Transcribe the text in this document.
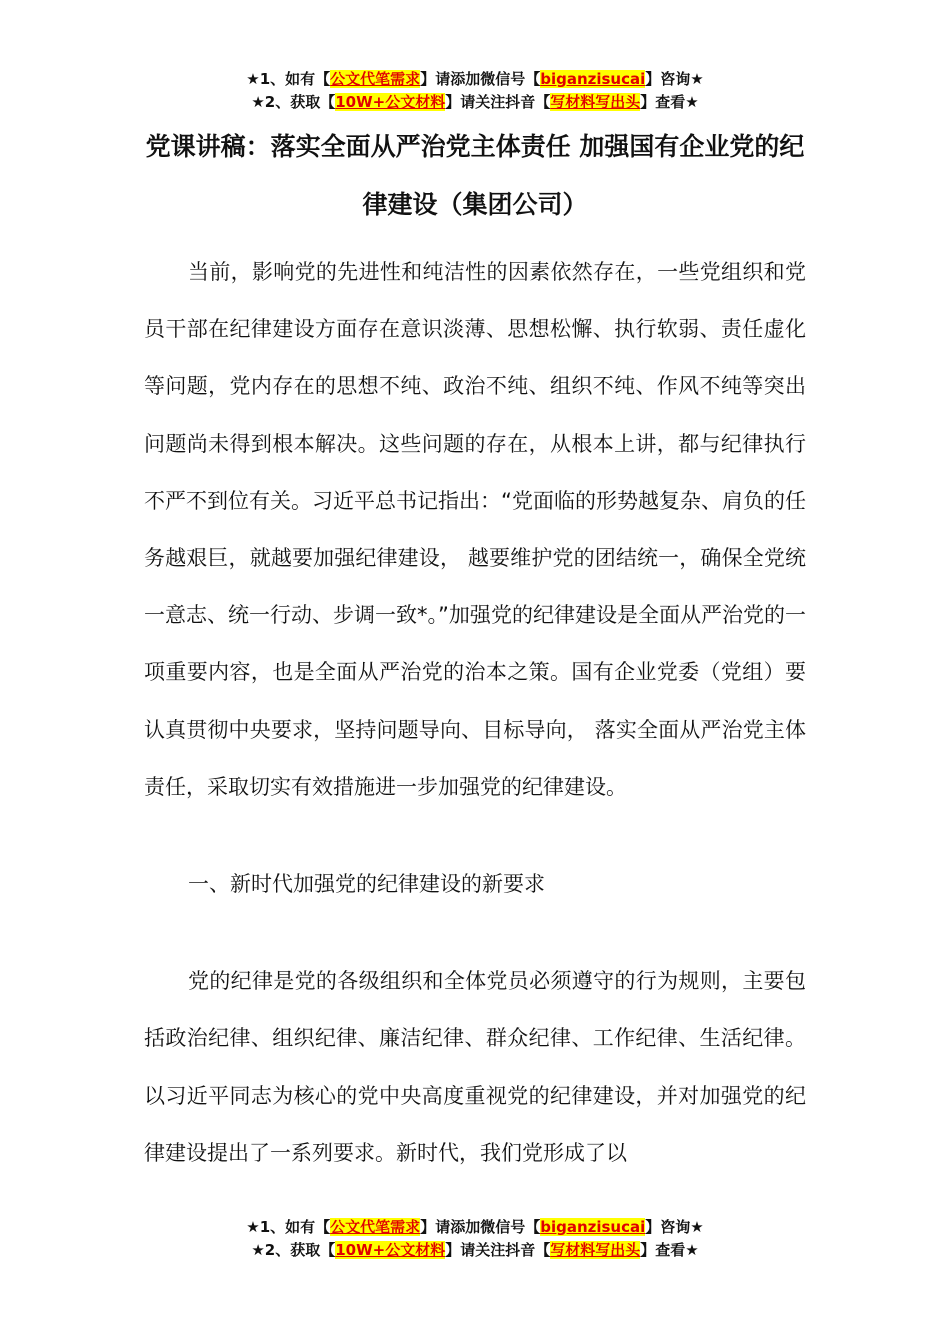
★1、如有【公文代笔需求】请添加微信号【biganzisucai】咨询★
★2、获取【10W+公文材料】请关注抖音【写材料写出头】查看★
党课讲稿：落实全面从严治党主体责任 加强国有企业党的纪律建设（集团公司）

当前，影响党的先进性和纯洁性的因素依然存在，一些党组织和党员干部在纪律建设方面存在意识淡薄、思想松懈、执行软弱、责任虚化等问题，党内存在的思想不纯、政治不纯、组织不纯、作风不纯等突出问题尚未得到根本解决。这些问题的存在，从根本上讲，都与纪律执行不严不到位有关。习近平总书记指出：“党面临的形势越复杂、肩负的任务越艰巨，就越要加强纪律建设， 越要维护党的团结统一，确保全党统一意志、统一行动、步调一致*。”加强党的纪律建设是全面从严治党的一项重要内容，也是全面从严治党的治本之策。国有企业党委（党组）要认真贯彻中央要求，坚持问题导向、目标导向， 落实全面从严治党主体责任，采取切实有效措施进一步加强党的纪律建设。

一、新时代加强党的纪律建设的新要求

党的纪律是党的各级组织和全体党员必须遵守的行为规则，主要包括政治纪律、组织纪律、廉洁纪律、群众纪律、工作纪律、生活纪律。以习近平同志为核心的党中央高度重视党的纪律建设，并对加强党的纪律建设提出了一系列要求。新时代，我们党形成了以

★1、如有【公文代笔需求】请添加微信号【biganzisucai】咨询★
★2、获取【10W+公文材料】请关注抖音【写材料写出头】查看★
